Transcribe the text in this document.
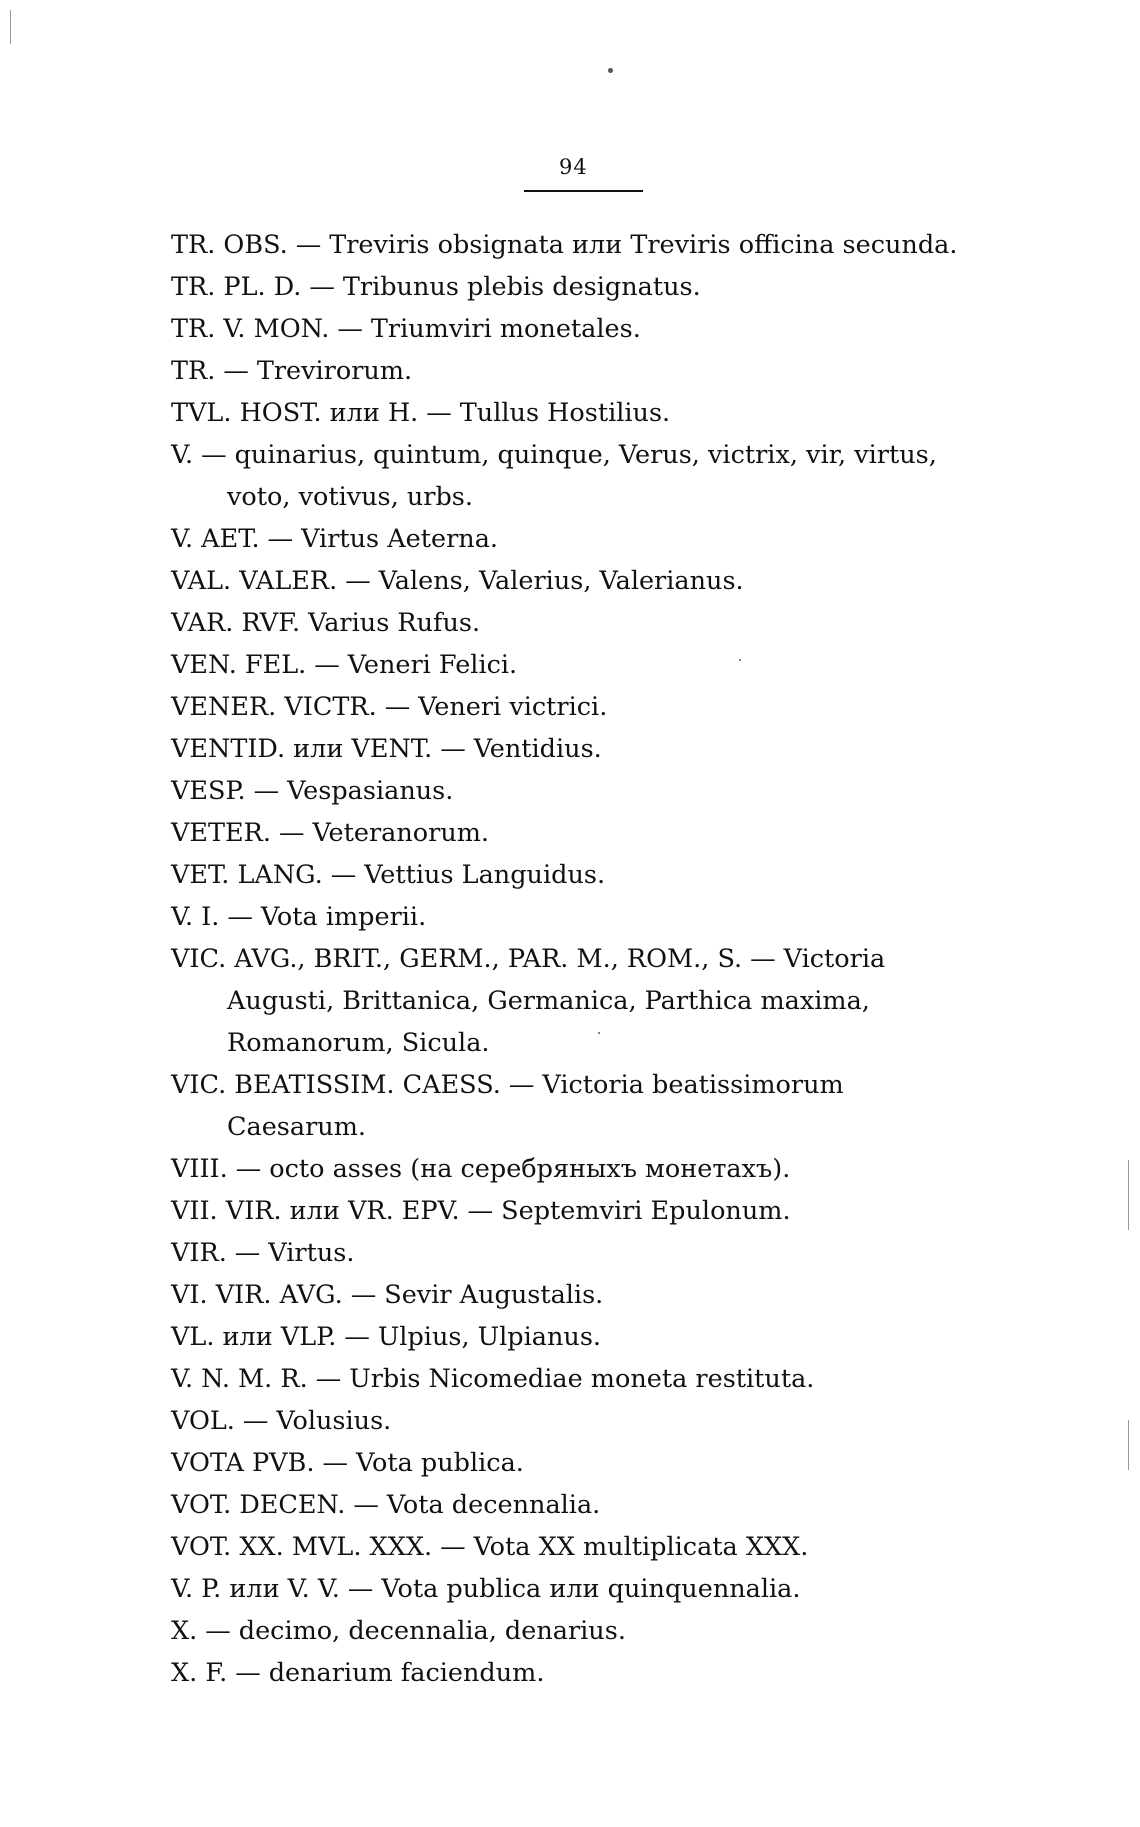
94
TR. OBS. — Treviris obsignata или Treviris officina secunda.
TR. PL. D. — Tribunus plebis designatus.
TR. V. MON. — Triumviri monetales.
TR. — Trevirorum.
TVL. HOST. или H. — Tullus Hostilius.
V. — quinarius, quintum, quinque, Verus, victrix, vir, virtus, voto, votivus, urbs.
V. AET. — Virtus Aeterna.
VAL. VALER. — Valens, Valerius, Valerianus.
VAR. RVF. Varius Rufus.
VEN. FEL. — Veneri Felici.
VENER. VICTR. — Veneri victrici.
VENTID. или VENT. — Ventidius.
VESP. — Vespasianus.
VETER. — Veteranorum.
VET. LANG. — Vettius Languidus.
V. I. — Vota imperii.
VIC. AVG., BRIT., GERM., PAR. M., ROM., S. — Victoria Augusti, Brittanica, Germanica, Parthica maxima, Romanorum, Sicula.
VIC. BEATISSIM. CAESS. — Victoria beatissimorum Caesarum.
VIII. — octo asses (на серебряныхъ монетахъ).
VII. VIR. или VR. EPV. — Septemviri Epulonum.
VIR. — Virtus.
VI. VIR. AVG. — Sevir Augustalis.
VL. или VLP. — Ulpius, Ulpianus.
V. N. M. R. — Urbis Nicomediae moneta restituta.
VOL. — Volusius.
VOTA PVB. — Vota publica.
VOT. DECEN. — Vota decennalia.
VOT. XX. MVL. XXX. — Vota XX multiplicata XXX.
V. P. или V. V. — Vota publica или quinquennalia.
X. — decimo, decennalia, denarius.
X. F. — denarium faciendum.
